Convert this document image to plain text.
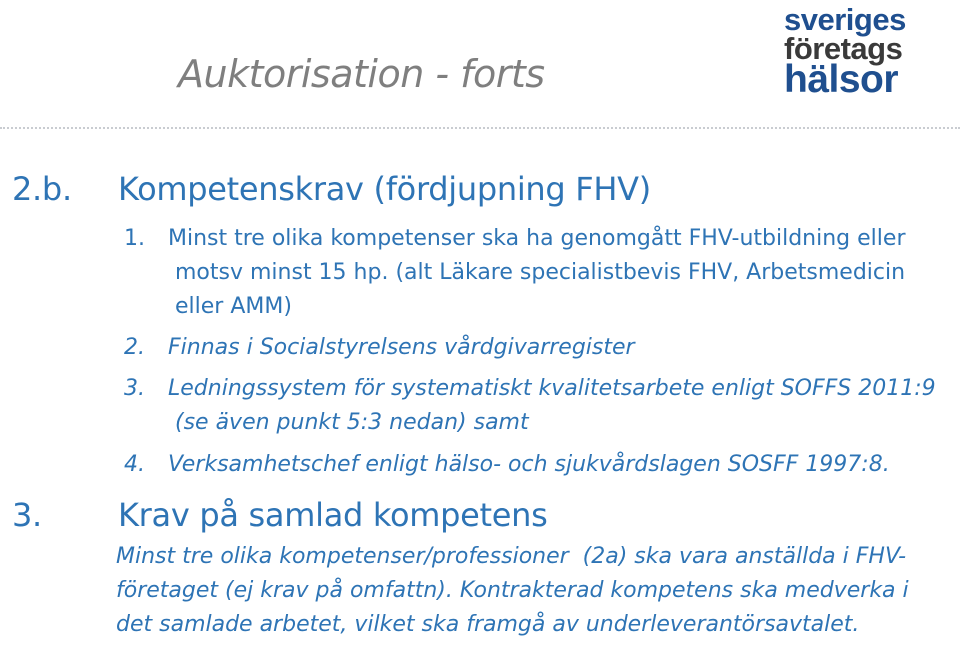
Auktorisation - forts
sveriges
företags
hälsor
2.b. Kompetenskrav (fördjupning FHV)
1. Minst tre olika kompetenser ska ha genomgått FHV-utbildning eller
motsv minst 15 hp. (alt Läkare specialistbevis FHV, Arbetsmedicin
eller AMM)
2. Finnas i Socialstyrelsens vårdgivarregister
3. Ledningssystem för systematiskt kvalitetsarbete enligt SOFFS 2011:9
(se även punkt 5:3 nedan) samt
4. Verksamhetschef enligt hälso- och sjukvårdslagen SOSFF 1997:8.
3. Krav på samlad kompetens
Minst tre olika kompetenser/professioner  (2a) ska vara anställda i FHV-
företaget (ej krav på omfattn). Kontrakterad kompetens ska medverka i
det samlade arbetet, vilket ska framgå av underleverantörsavtalet.
